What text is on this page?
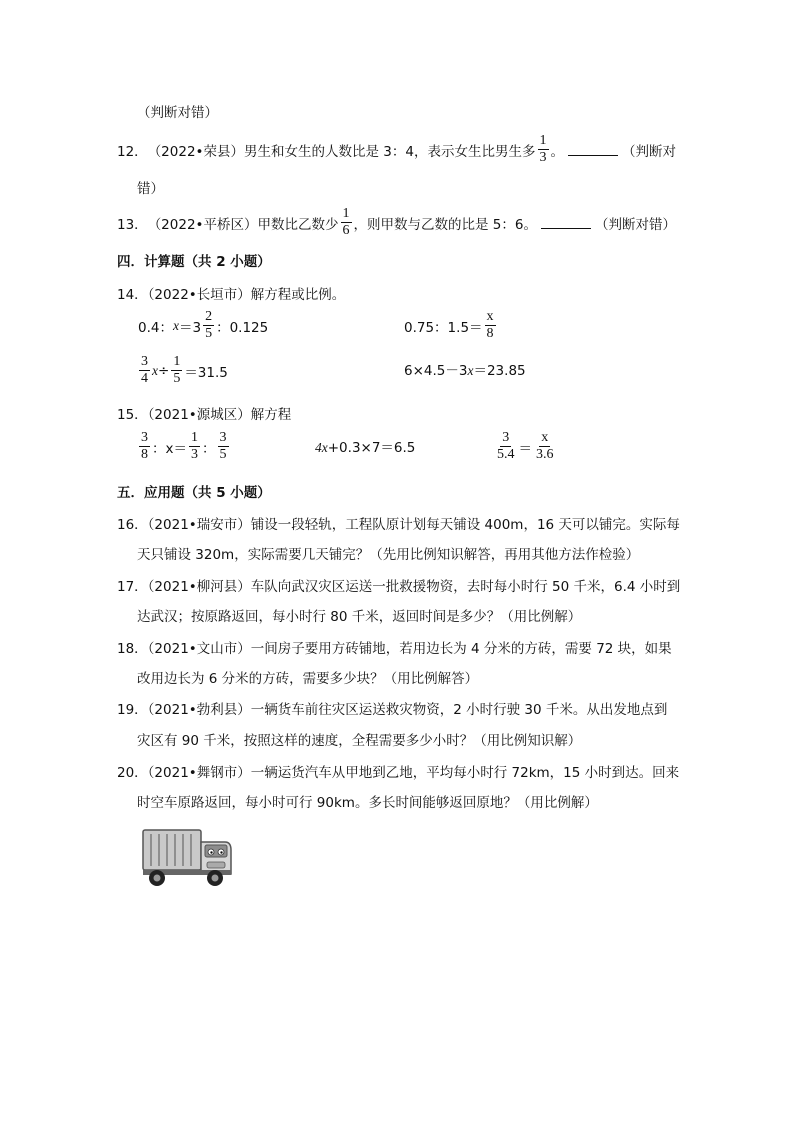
（判断对错）
12． （2022•荣县） 男生和女生的人数比是 3：4，表示女生比男生多 $\frac{1}{3}$ 。	（判断对
错）
13． （2022•平桥区） 甲数比乙数少 $\frac{1}{6}$ ，则甲数与乙数的比是 5：6。	（判断对错）
四．计算题（共 2 小题）
14．（2022•长垣市）解方程或比例。
0.4： $x =3 \frac{2}{5}$ ：0.125	0.75：$1.5= \frac{x}{8}$
$\frac{3}{4}$ $x \div \frac{1}{5} =31.5$	6×4.5－3x＝23.85
15．（2021•源城区）解方程
$\frac{3}{8}$ ：$x= \frac{1}{3}$ ： $\frac{3}{5}$	4x+0.3×7＝6.5	$\frac{3}{5.4} = \frac{x}{3.6}$
五．应用题（共 5 小题）
16．（2021•瑞安市）铺设一段轻轨，工程队原计划每天铺设 400m，16 天可以铺完。实际每
天只铺设 320m，实际需要几天铺完？（先用比例知识解答，再用其他方法作检验）
17．（2021•柳河县）车队向武汉灾区运送一批救援物资，去时每小时行 50 千米，6.4 小时到
达武汉；按原路返回，每小时行 80 千米，返回时间是多少？（用比例解）
18．（2021•文山市）一间房子要用方砖铺地，若用边长为 4 分米的方砖，需要 72 块，如果
改用边长为 6 分米的方砖，需要多少块？（用比例解答）
19．（2021•勃利县）一辆货车前往灾区运送救灾物资，2 小时行驶 30 千米。从出发地点到
灾区有 90 千米，按照这样的速度，全程需要多少小时？（用比例知识解）
20．（2021•舞钢市）一辆运货汽车从甲地到乙地，平均每小时行 72km，15 小时到达。回来
时空车原路返回，每小时可行 90km。多长时间能够返回原地？（用比例解）
